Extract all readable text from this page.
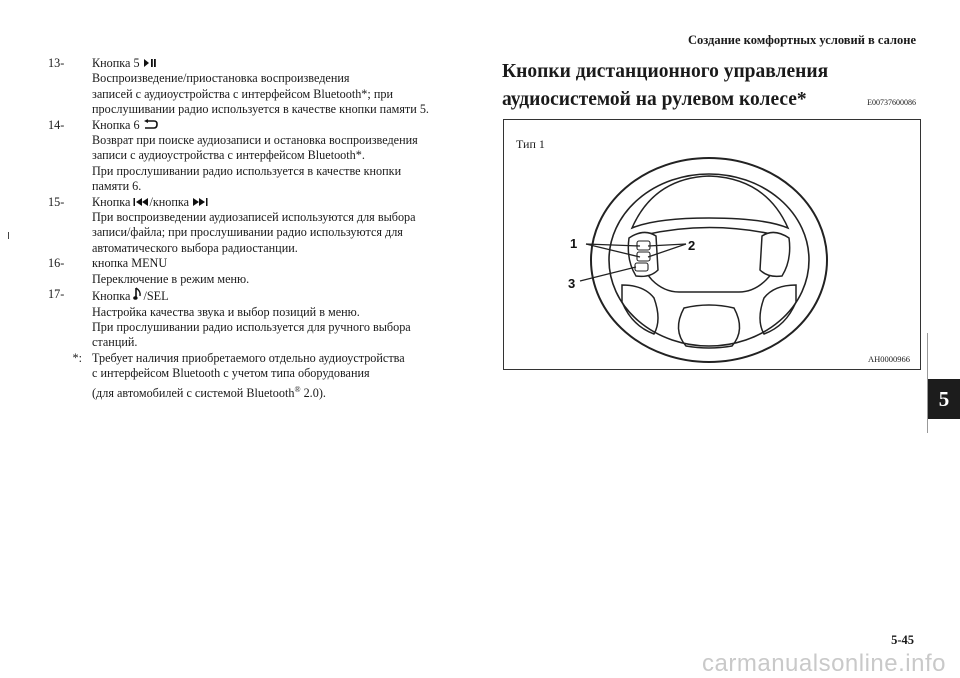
Создание комфортных условий в салоне
13-	Кнопка 5
Воспроизведение/приостановка воспроизведения
записей с аудиоустройства с интерфейсом Bluetooth*; при
прослушивании радио используется в качестве кнопки памяти 5.
14-	Кнопка 6
Возврат при поиске аудиозаписи и остановка воспроизведения
записи с аудиоустройства с интерфейсом Bluetooth*.
При прослушивании радио используется в качестве кнопки
памяти 6.
15-	Кнопка /кнопка
При воспроизведении аудиозаписей используются для выбора
записи/файла; при прослушивании радио используются для
автоматического выбора радиостанции.
16-	кнопка MENU
Переключение в режим меню.
17-	Кнопка /SEL
Настройка качества звука и выбор позиций в меню.
При прослушивании радио используется для ручного выбора
станций.
*: Требует наличия приобретаемого отдельно аудиоустройства
с интерфейсом Bluetooth с учетом типа оборудования
(для автомобилей с системой Bluetooth® 2.0).
Кнопки дистанционного управления
аудиосистемой на рулевом колесе*	E00737600086
Тип 1
1	2
3
AH0000966
5
5-45
carmanualsonline.info
